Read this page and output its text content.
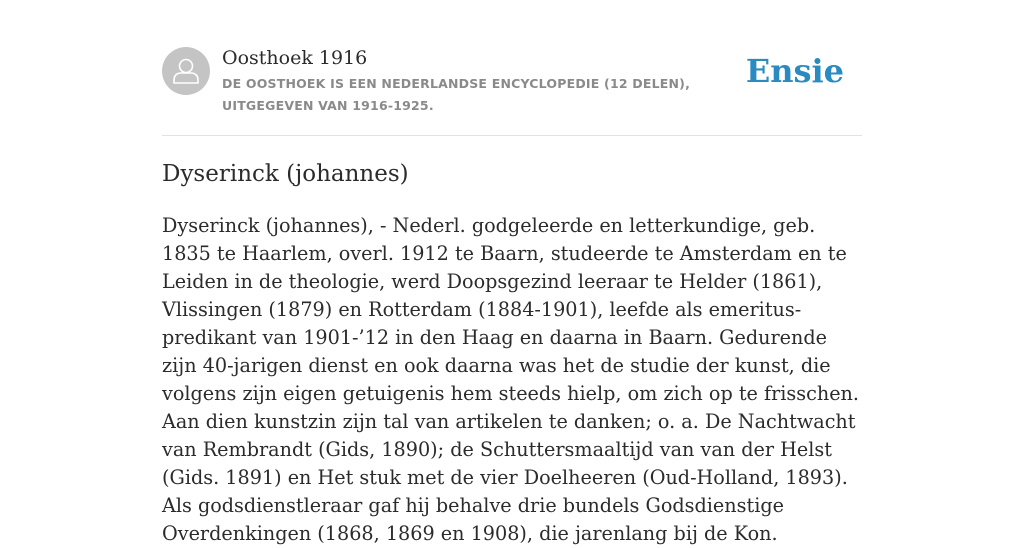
Oosthoek 1916
DE OOSTHOEK IS EEN NEDERLANDSE ENCYCLOPEDIE (12 DELEN), UITGEGEVEN VAN 1916-1925.
Ensie
Dyserinck (johannes)

Dyserinck (johannes), - Nederl. godgeleerde en letterkundige, geb. 1835 te Haarlem, overl. 1912 te Baarn, studeerde te Amsterdam en te Leiden in de theologie, werd Doopsgezind leeraar te Helder (1861), Vlissingen (1879) en Rotterdam (1884-1901), leefde als emeritus-predikant van 1901-’12 in den Haag en daarna in Baarn. Gedurende zijn 40-jarigen dienst en ook daarna was het de studie der kunst, die volgens zijn eigen getuigenis hem steeds hielp, om zich op te frisschen. Aan dien kunstzin zijn tal van artikelen te danken; o. a. De Nachtwacht van Rembrandt (Gids, 1890); de Schuttersmaaltijd van van der Helst (Gids. 1891) en Het stuk met de vier Doelheeren (Oud-Holland, 1893). Als godsdienstleraar gaf hij behalve drie bundels Godsdienstige Overdenkingen (1868, 1869 en 1908), die jarenlang bij de Kon.
